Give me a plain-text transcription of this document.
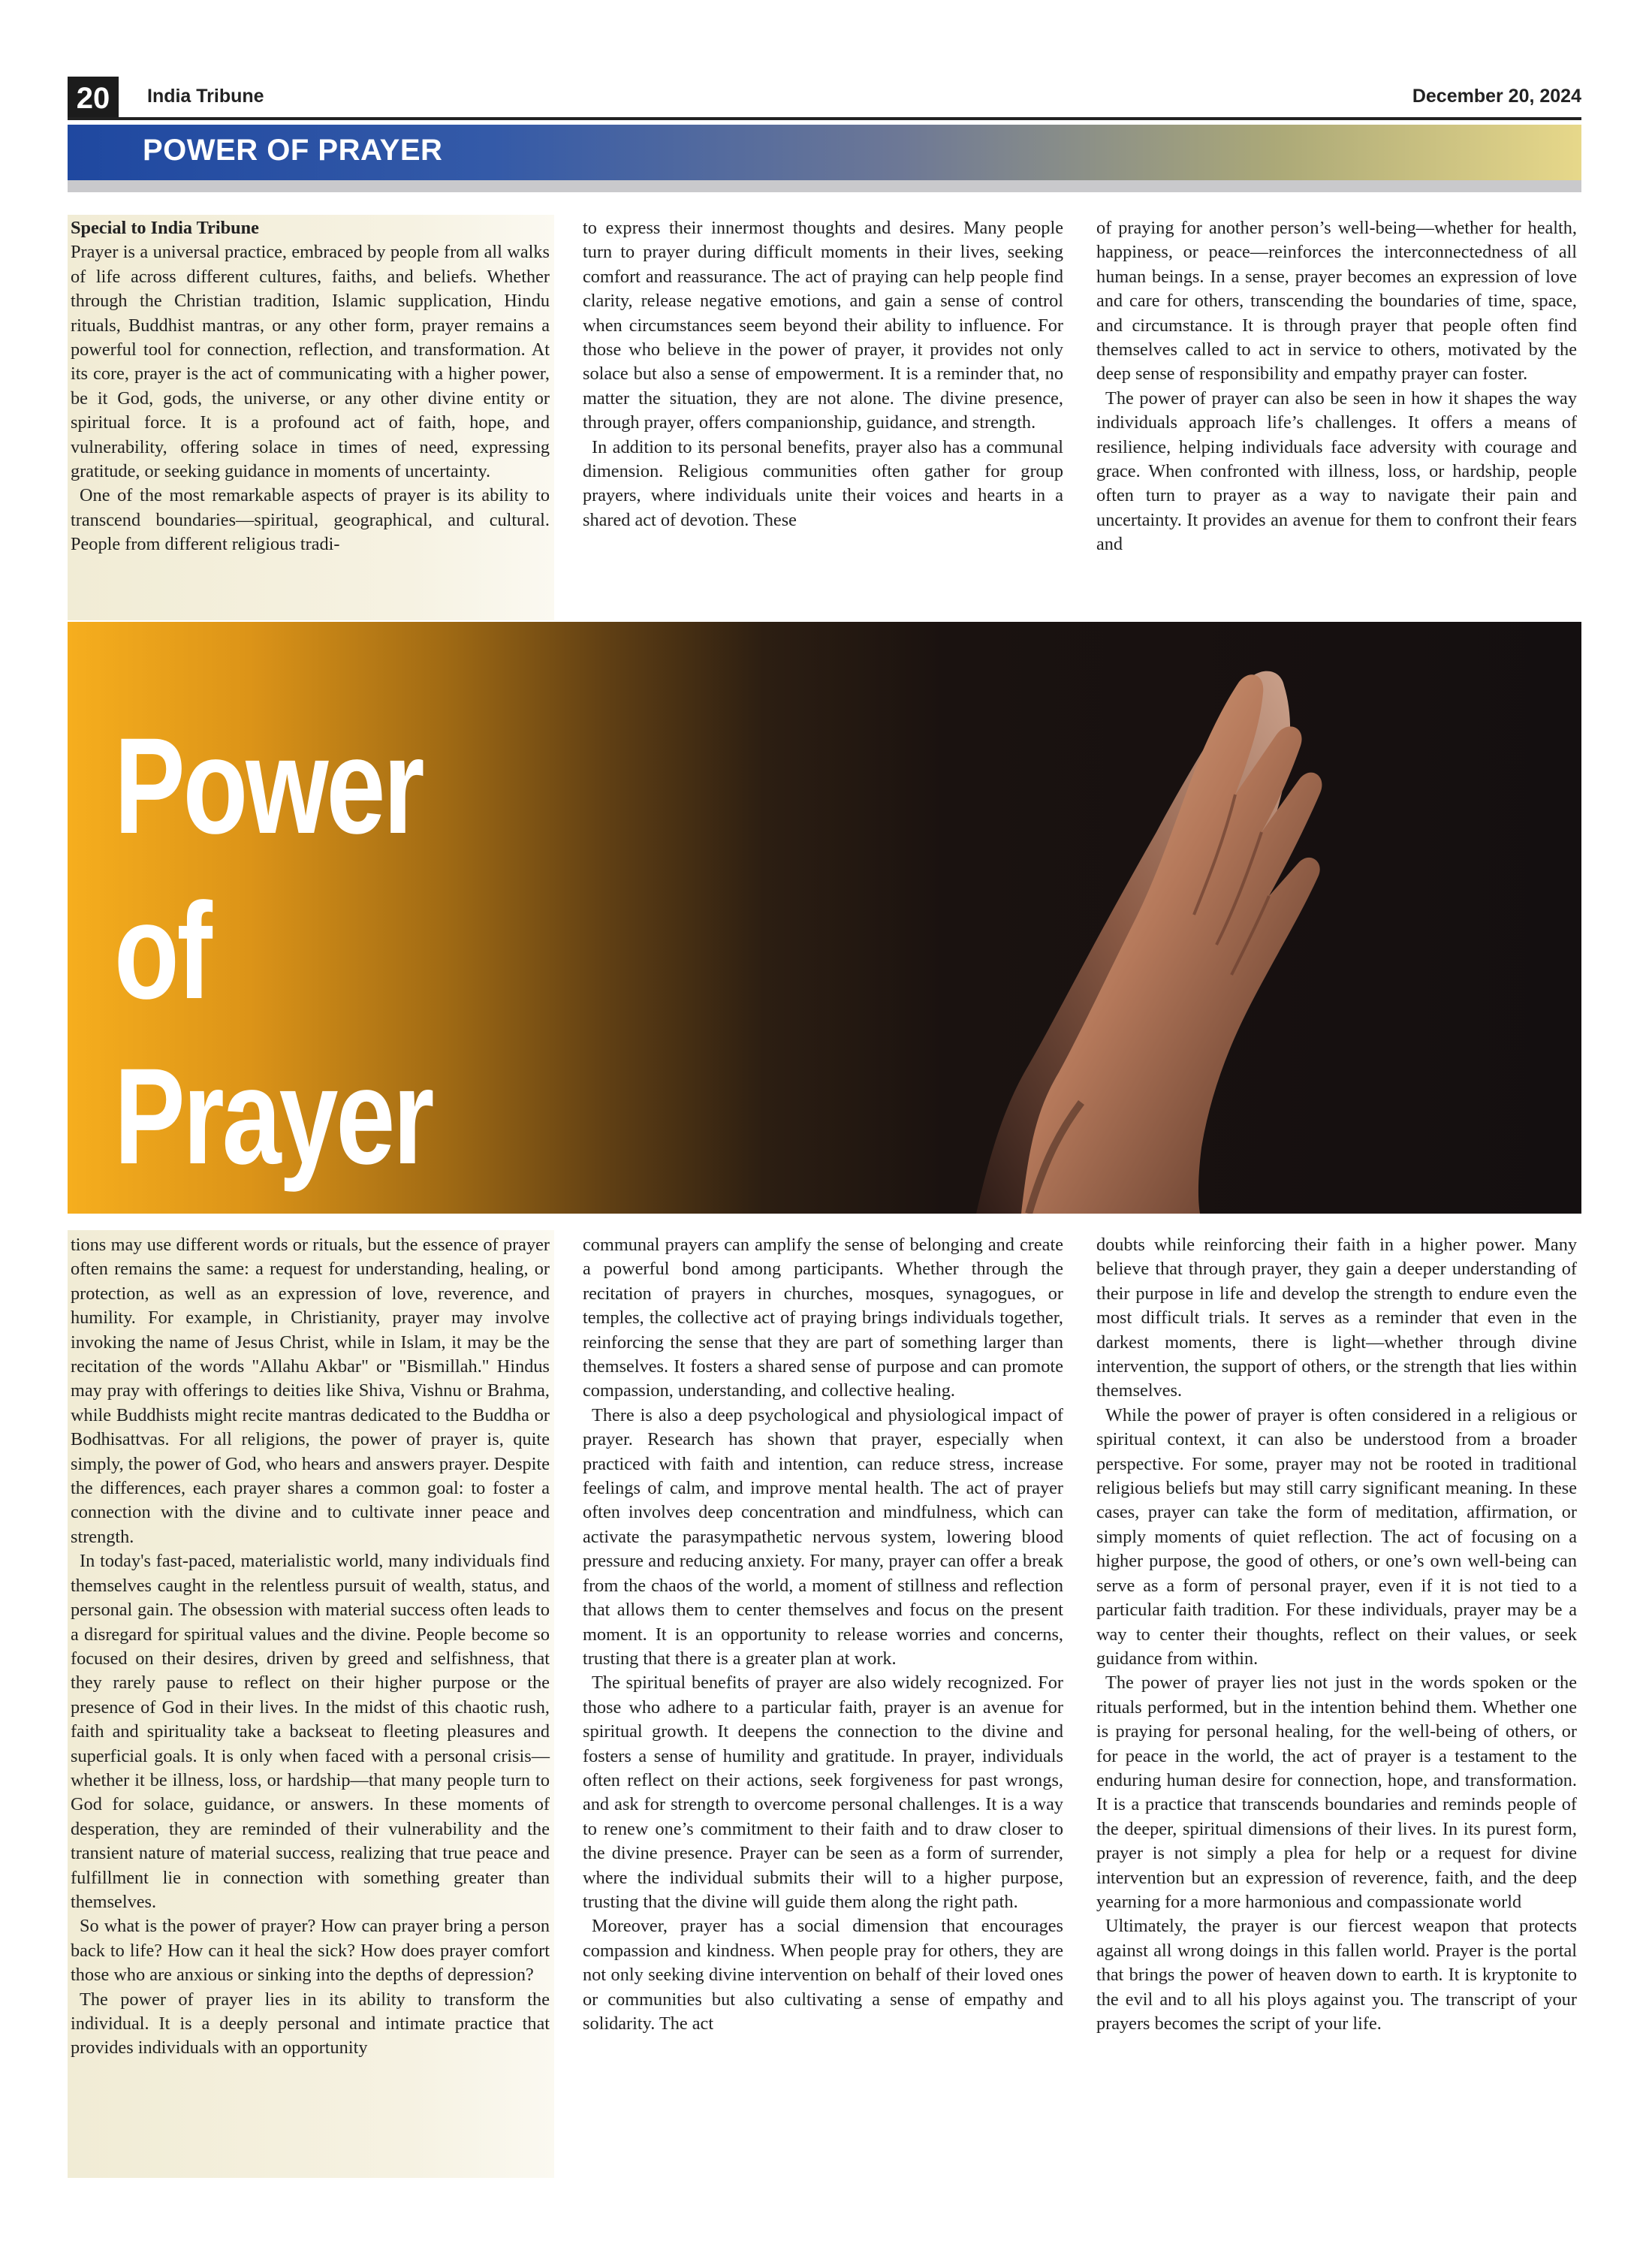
20	India Tribune	December 20, 2024
POWER OF PRAYER

Special to India Tribune

Prayer is a universal practice, embraced by people from all walks of life across different cultures, faiths, and beliefs. Whether through the Christian tradition, Islamic supplication, Hindu rituals, Buddhist mantras, or any other form, prayer remains a powerful tool for connection, reflection, and transformation. At its core, prayer is the act of communicating with a higher power, be it God, gods, the universe, or any other divine entity or spiritual force. It is a profound act of faith, hope, and vulnerability, offering solace in times of need, expressing gratitude, or seeking guidance in moments of uncertainty.

One of the most remarkable aspects of prayer is its ability to transcend boundaries—spiritual, geographical, and cultural. People from different religious tradi-

to express their innermost thoughts and desires. Many people turn to prayer during difficult moments in their lives, seeking comfort and reassurance. The act of praying can help people find clarity, release negative emotions, and gain a sense of control when circumstances seem beyond their ability to influence. For those who believe in the power of prayer, it provides not only solace but also a sense of empowerment. It is a reminder that, no matter the situation, they are not alone. The divine presence, through prayer, offers companionship, guidance, and strength.

In addition to its personal benefits, prayer also has a communal dimension. Religious communities often gather for group prayers, where individuals unite their voices and hearts in a shared act of devotion. These

of praying for another person’s well-being—whether for health, happiness, or peace—reinforces the interconnectedness of all human beings. In a sense, prayer becomes an expression of love and care for others, transcending the boundaries of time, space, and circumstance. It is through prayer that people often find themselves called to act in service to others, motivated by the deep sense of responsibility and empathy prayer can foster.

The power of prayer can also be seen in how it shapes the way individuals approach life’s challenges. It offers a means of resilience, helping individuals face adversity with courage and grace. When confronted with illness, loss, or hardship, people often turn to prayer as a way to navigate their pain and uncertainty. It provides an avenue for them to confront their fears and

Power
of
Prayer

tions may use different words or rituals, but the essence of prayer often remains the same: a request for understanding, healing, or protection, as well as an expression of love, reverence, and humility. For example, in Christianity, prayer may involve invoking the name of Jesus Christ, while in Islam, it may be the recitation of the words "Allahu Akbar" or "Bismillah." Hindus may pray with offerings to deities like Shiva, Vishnu or Brahma, while Buddhists might recite mantras dedicated to the Buddha or Bodhisattvas. For all religions, the power of prayer is, quite simply, the power of God, who hears and answers prayer. Despite the differences, each prayer shares a common goal: to foster a connection with the divine and to cultivate inner peace and strength.

In today's fast-paced, materialistic world, many individuals find themselves caught in the relentless pursuit of wealth, status, and personal gain. The obsession with material success often leads to a disregard for spiritual values and the divine. People become so focused on their desires, driven by greed and selfishness, that they rarely pause to reflect on their higher purpose or the presence of God in their lives. In the midst of this chaotic rush, faith and spirituality take a backseat to fleeting pleasures and superficial goals. It is only when faced with a personal crisis—whether it be illness, loss, or hardship—that many people turn to God for solace, guidance, or answers. In these moments of desperation, they are reminded of their vulnerability and the transient nature of material success, realizing that true peace and fulfillment lie in connection with something greater than themselves.

So what is the power of prayer? How can prayer bring a person back to life? How can it heal the sick? How does prayer comfort those who are anxious or sinking into the depths of depression?

The power of prayer lies in its ability to transform the individual. It is a deeply personal and intimate practice that provides individuals with an opportunity

communal prayers can amplify the sense of belonging and create a powerful bond among participants. Whether through the recitation of prayers in churches, mosques, synagogues, or temples, the collective act of praying brings individuals together, reinforcing the sense that they are part of something larger than themselves. It fosters a shared sense of purpose and can promote compassion, understanding, and collective healing.

There is also a deep psychological and physiological impact of prayer. Research has shown that prayer, especially when practiced with faith and intention, can reduce stress, increase feelings of calm, and improve mental health. The act of prayer often involves deep concentration and mindfulness, which can activate the parasympathetic nervous system, lowering blood pressure and reducing anxiety. For many, prayer can offer a break from the chaos of the world, a moment of stillness and reflection that allows them to center themselves and focus on the present moment. It is an opportunity to release worries and concerns, trusting that there is a greater plan at work.

The spiritual benefits of prayer are also widely recognized. For those who adhere to a particular faith, prayer is an avenue for spiritual growth. It deepens the connection to the divine and fosters a sense of humility and gratitude. In prayer, individuals often reflect on their actions, seek forgiveness for past wrongs, and ask for strength to overcome personal challenges. It is a way to renew one’s commitment to their faith and to draw closer to the divine presence. Prayer can be seen as a form of surrender, where the individual submits their will to a higher purpose, trusting that the divine will guide them along the right path.

Moreover, prayer has a social dimension that encourages compassion and kindness. When people pray for others, they are not only seeking divine intervention on behalf of their loved ones or communities but also cultivating a sense of empathy and solidarity. The act

doubts while reinforcing their faith in a higher power. Many believe that through prayer, they gain a deeper understanding of their purpose in life and develop the strength to endure even the most difficult trials. It serves as a reminder that even in the darkest moments, there is light—whether through divine intervention, the support of others, or the strength that lies within themselves.

While the power of prayer is often considered in a religious or spiritual context, it can also be understood from a broader perspective. For some, prayer may not be rooted in traditional religious beliefs but may still carry significant meaning. In these cases, prayer can take the form of meditation, affirmation, or simply moments of quiet reflection. The act of focusing on a higher purpose, the good of others, or one’s own well-being can serve as a form of personal prayer, even if it is not tied to a particular faith tradition. For these individuals, prayer may be a way to center their thoughts, reflect on their values, or seek guidance from within.

The power of prayer lies not just in the words spoken or the rituals performed, but in the intention behind them. Whether one is praying for personal healing, for the well-being of others, or for peace in the world, the act of prayer is a testament to the enduring human desire for connection, hope, and transformation. It is a practice that transcends boundaries and reminds people of the deeper, spiritual dimensions of their lives. In its purest form, prayer is not simply a plea for help or a request for divine intervention but an expression of reverence, faith, and the deep yearning for a more harmonious and compassionate world

Ultimately, the prayer is our fiercest weapon that protects against all wrong doings in this fallen world. Prayer is the portal that brings the power of heaven down to earth. It is kryptonite to the evil and to all his ploys against you. The transcript of your prayers becomes the script of your life.
